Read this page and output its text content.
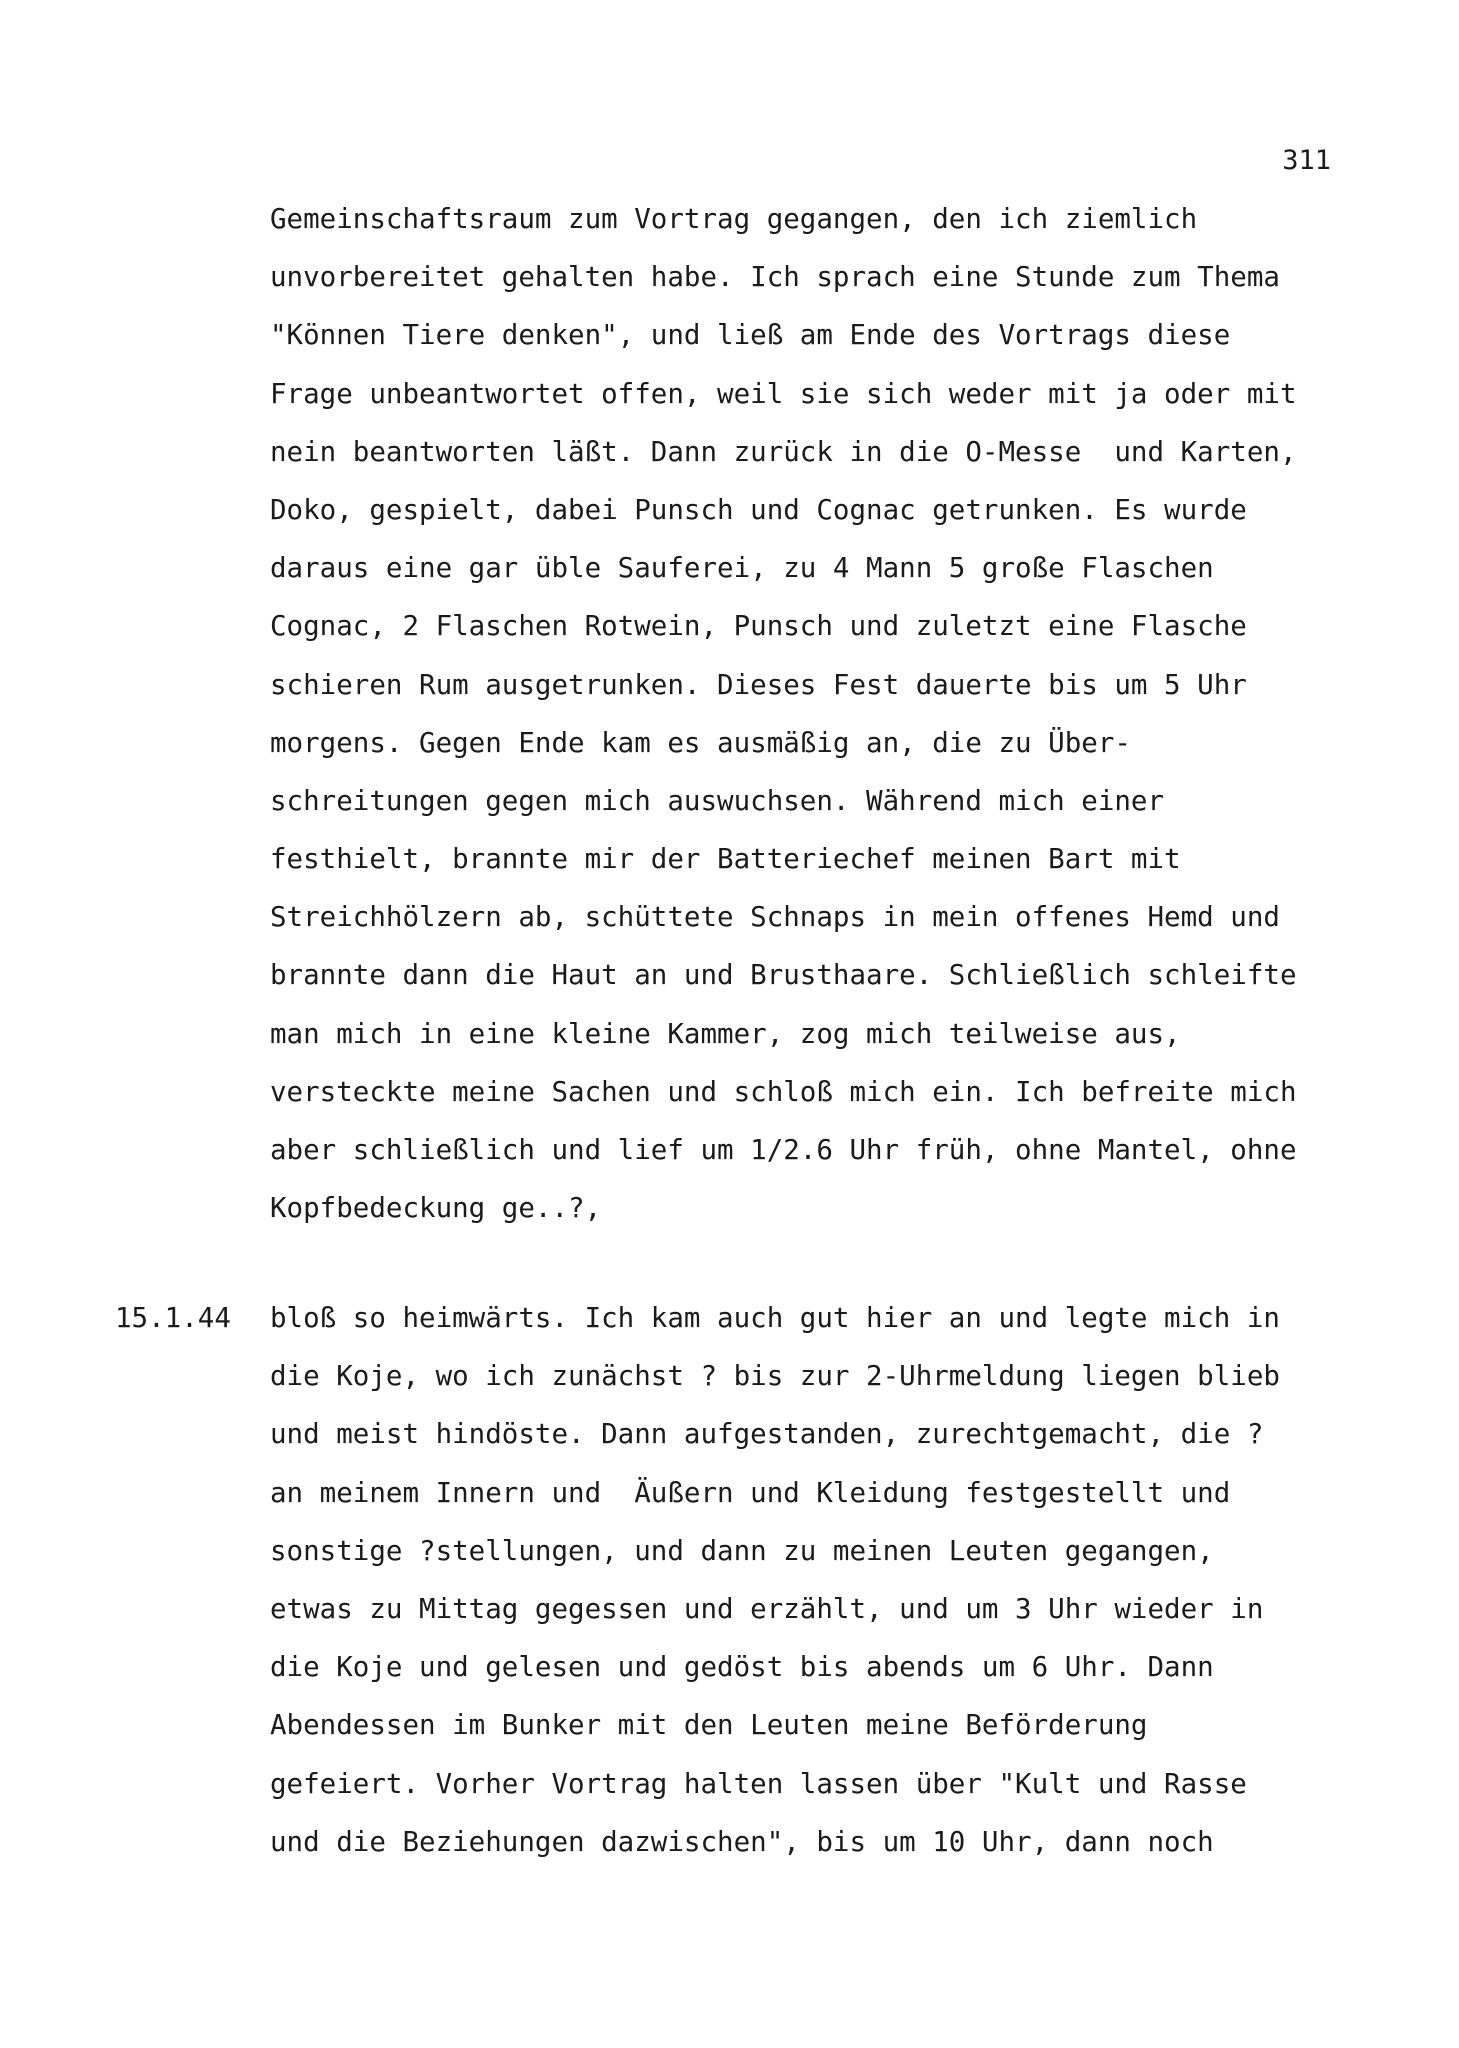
311
Gemeinschaftsraum zum Vortrag gegangen, den ich ziemlich
unvorbereitet gehalten habe. Ich sprach eine Stunde zum Thema
"Können Tiere denken", und ließ am Ende des Vortrags diese
Frage unbeantwortet offen, weil sie sich weder mit ja oder mit
nein beantworten läßt. Dann zurück in die O-Messe  und Karten,
Doko, gespielt, dabei Punsch und Cognac getrunken. Es wurde
daraus eine gar üble Sauferei, zu 4 Mann 5 große Flaschen
Cognac, 2 Flaschen Rotwein, Punsch und zuletzt eine Flasche
schieren Rum ausgetrunken. Dieses Fest dauerte bis um 5 Uhr
morgens. Gegen Ende kam es ausmäßig an, die zu Über-
schreitungen gegen mich auswuchsen. Während mich einer
festhielt, brannte mir der Batteriechef meinen Bart mit
Streichhölzern ab, schüttete Schnaps in mein offenes Hemd und
brannte dann die Haut an und Brusthaare. Schließlich schleifte
man mich in eine kleine Kammer, zog mich teilweise aus,
versteckte meine Sachen und schloß mich ein. Ich befreite mich
aber schließlich und lief um 1/2.6 Uhr früh, ohne Mantel, ohne
Kopfbedeckung ge..?,
15.1.44 bloß so heimwärts. Ich kam auch gut hier an und legte mich in
die Koje, wo ich zunächst ? bis zur 2-Uhrmeldung liegen blieb
und meist hindöste. Dann aufgestanden, zurechtgemacht, die ?
an meinem Innern und  Äußern und Kleidung festgestellt und
sonstige ?stellungen, und dann zu meinen Leuten gegangen,
etwas zu Mittag gegessen und erzählt, und um 3 Uhr wieder in
die Koje und gelesen und gedöst bis abends um 6 Uhr. Dann
Abendessen im Bunker mit den Leuten meine Beförderung
gefeiert. Vorher Vortrag halten lassen über "Kult und Rasse
und die Beziehungen dazwischen", bis um 10 Uhr, dann noch
